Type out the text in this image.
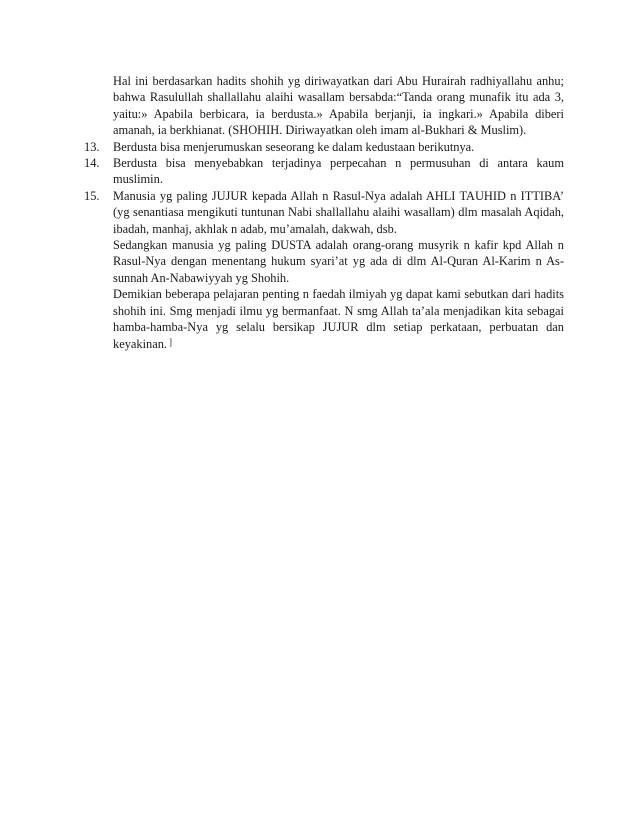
Hal ini berdasarkan hadits shohih yg diriwayatkan dari Abu Hurairah radhiyallahu anhu; bahwa Rasulullah shallallahu alaihi wasallam bersabda:“Tanda orang munafik itu ada 3, yaitu:» Apabila berbicara, ia berdusta.» Apabila berjanji, ia ingkari.» Apabila diberi amanah, ia berkhianat. (SHOHIH. Diriwayatkan oleh imam al-Bukhari & Muslim).

13. Berdusta bisa menjerumuskan seseorang ke dalam kedustaan berikutnya.

14. Berdusta bisa menyebabkan terjadinya perpecahan n permusuhan di antara kaum muslimin.

15. Manusia yg paling JUJUR kepada Allah n Rasul-Nya adalah AHLI TAUHID n ITTIBA’ (yg senantiasa mengikuti tuntunan Nabi shallallahu alaihi wasallam) dlm masalah Aqidah, ibadah, manhaj, akhlak n adab, mu’amalah, dakwah, dsb.

Sedangkan manusia yg paling DUSTA adalah orang-orang musyrik n kafir kpd Allah n Rasul-Nya dengan menentang hukum syari’at yg ada di dlm Al-Quran Al-Karim n As-sunnah An-Nabawiyyah yg Shohih.

Demikian beberapa pelajaran penting n faedah ilmiyah yg dapat kami sebutkan dari hadits shohih ini. Smg menjadi ilmu yg bermanfaat. N smg Allah ta’ala menjadikan kita sebagai hamba-hamba-Nya yg selalu bersikap JUJUR dlm setiap perkataan, perbuatan dan keyakinan. ]
